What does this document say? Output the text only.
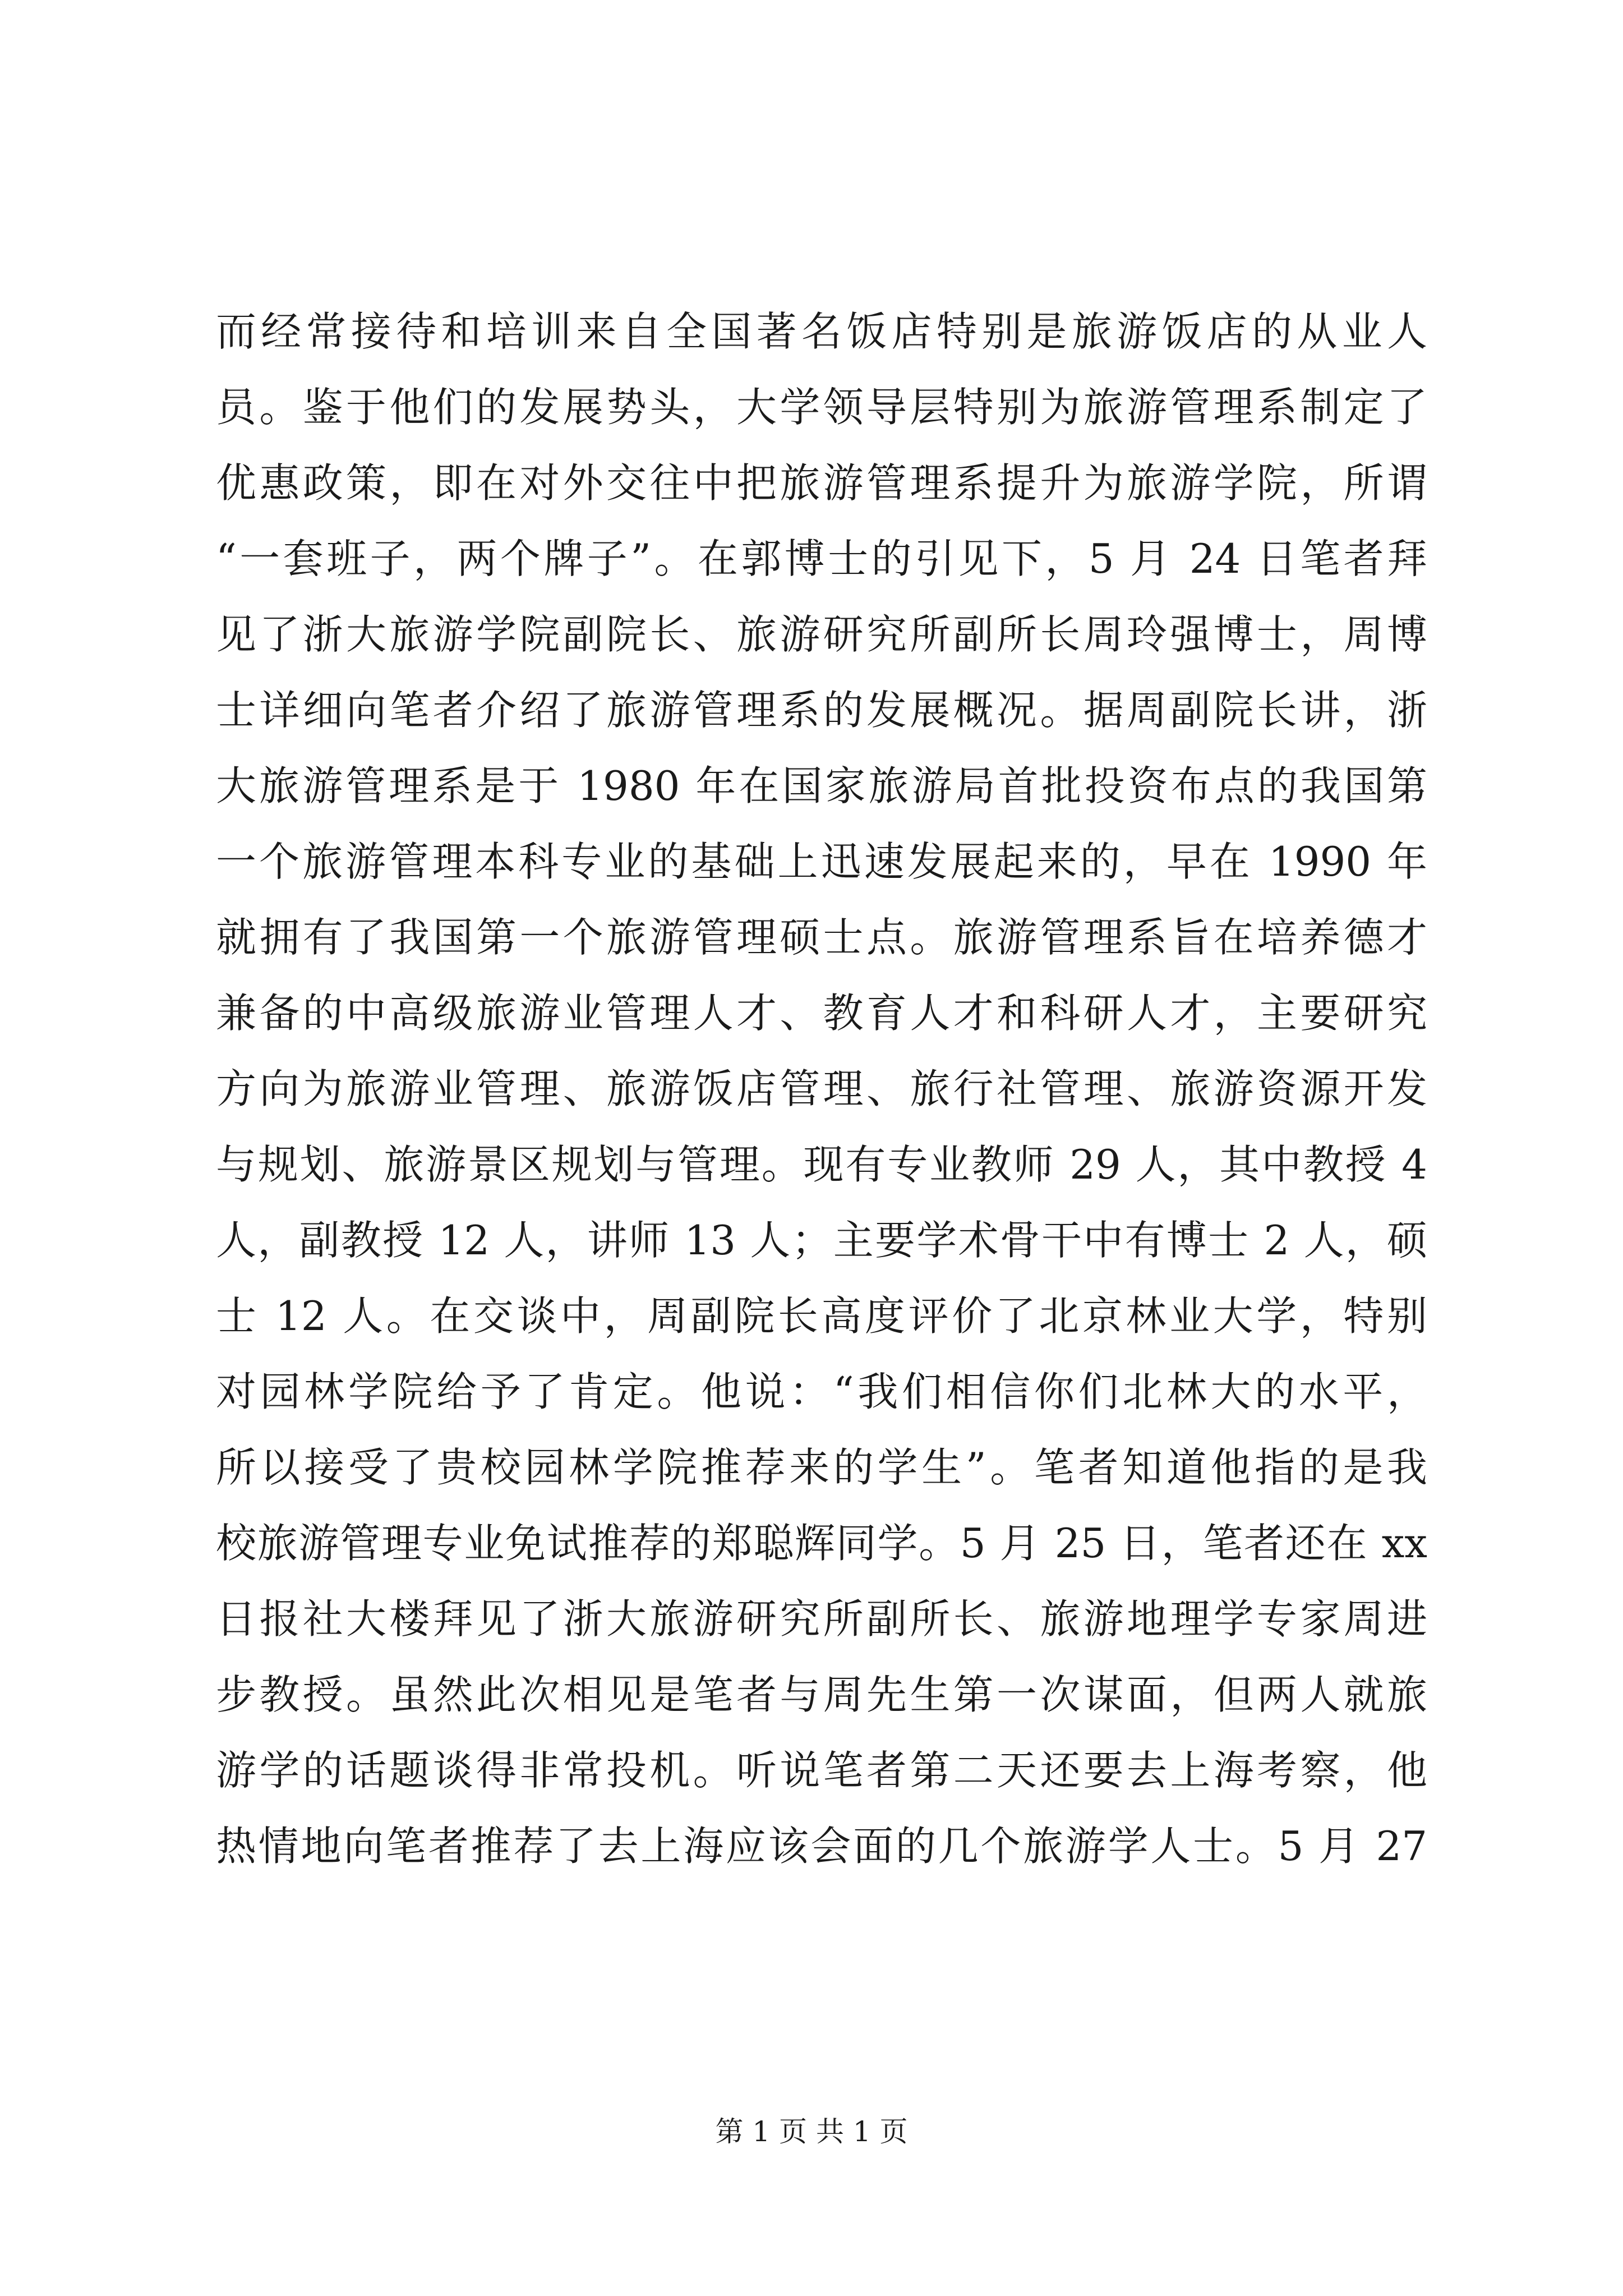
而经常接待和培训来自全国著名饭店特别是旅游饭店的从业人
员。鉴于他们的发展势头，大学领导层特别为旅游管理系制定了
优惠政策，即在对外交往中把旅游管理系提升为旅游学院，所谓
“一套班子，两个牌子”。在郭博士的引见下，5 月 24 日笔者拜
见了浙大旅游学院副院长、旅游研究所副所长周玲强博士，周博
士详细向笔者介绍了旅游管理系的发展概况。据周副院长讲，浙
大旅游管理系是于 1980 年在国家旅游局首批投资布点的我国第
一个旅游管理本科专业的基础上迅速发展起来的，早在 1990 年
就拥有了我国第一个旅游管理硕士点。旅游管理系旨在培养德才
兼备的中高级旅游业管理人才、教育人才和科研人才，主要研究
方向为旅游业管理、旅游饭店管理、旅行社管理、旅游资源开发
与规划、旅游景区规划与管理。现有专业教师 29 人，其中教授 4
人，副教授 12 人，讲师 13 人；主要学术骨干中有博士 2 人，硕
士 12 人。在交谈中，周副院长高度评价了北京林业大学，特别
对园林学院给予了肯定。他说：“我们相信你们北林大的水平，
所以接受了贵校园林学院推荐来的学生”。笔者知道他指的是我
校旅游管理专业免试推荐的郑聪辉同学。5 月 25 日，笔者还在 xx
日报社大楼拜见了浙大旅游研究所副所长、旅游地理学专家周进
步教授。虽然此次相见是笔者与周先生第一次谋面，但两人就旅
游学的话题谈得非常投机。听说笔者第二天还要去上海考察，他
热情地向笔者推荐了去上海应该会面的几个旅游学人士。5 月 27
第 1 页 共 1 页
